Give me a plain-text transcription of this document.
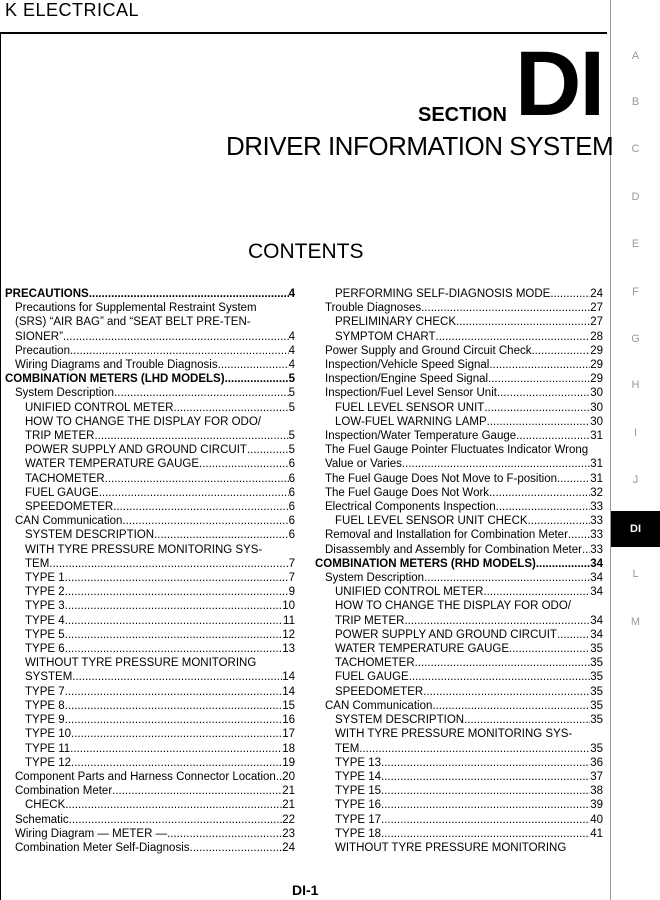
K ELECTRICAL
SECTION DI
DRIVER INFORMATION SYSTEM
CONTENTS
PRECAUTIONS .....	4
Precautions for Supplemental Restraint System
(SRS) “AIR BAG” and “SEAT BELT PRE-TEN-
SIONER” .....	4
Precaution .....	4
Wiring Diagrams and Trouble Diagnosis .....	4
COMBINATION METERS (LHD MODELS) .....	5
System Description .....	5
UNIFIED CONTROL METER .....	5
HOW TO CHANGE THE DISPLAY FOR ODO/
TRIP METER .....	5
POWER SUPPLY AND GROUND CIRCUIT .....	5
WATER TEMPERATURE GAUGE .....	6
TACHOMETER .....	6
FUEL GAUGE .....	6
SPEEDOMETER .....	6
CAN Communication .....	6
SYSTEM DESCRIPTION .....	6
WITH TYRE PRESSURE MONITORING SYS-
TEM .....	7
TYPE 1 .....	7
TYPE 2 .....	9
TYPE 3 .....	10
TYPE 4 .....	11
TYPE 5 .....	12
TYPE 6 .....	13
WITHOUT TYRE PRESSURE MONITORING
SYSTEM .....	14
TYPE 7 .....	14
TYPE 8 .....	15
TYPE 9 .....	16
TYPE 10 .....	17
TYPE 11 .....	18
TYPE 12 .....	19
Component Parts and Harness Connector Location ..... 20
Combination Meter .....	21
CHECK .....	21
Schematic .....	22
Wiring Diagram — METER — .....	23
Combination Meter Self-Diagnosis .....	24
PERFORMING SELF-DIAGNOSIS MODE .....	24
Trouble Diagnoses .....	27
PRELIMINARY CHECK .....	27
SYMPTOM CHART .....	28
Power Supply and Ground Circuit Check .....	29
Inspection/Vehicle Speed Signal .....	29
Inspection/Engine Speed Signal .....	29
Inspection/Fuel Level Sensor Unit .....	30
FUEL LEVEL SENSOR UNIT .....	30
LOW-FUEL WARNING LAMP .....	30
Inspection/Water Temperature Gauge .....	31
The Fuel Gauge Pointer Fluctuates Indicator Wrong
Value or Varies. .....	31
The Fuel Gauge Does Not Move to F-position. .....	31
The Fuel Gauge Does Not Work. .....	32
Electrical Components Inspection .....	33
FUEL LEVEL SENSOR UNIT CHECK .....	33
Removal and Installation for Combination Meter ..... 33
Disassembly and Assembly for Combination Meter ..... 33
COMBINATION METERS (RHD MODELS) .....	34
System Description .....	34
UNIFIED CONTROL METER .....	34
HOW TO CHANGE THE DISPLAY FOR ODO/
TRIP METER .....	34
POWER SUPPLY AND GROUND CIRCUIT .....	34
WATER TEMPERATURE GAUGE .....	35
TACHOMETER .....	35
FUEL GAUGE .....	35
SPEEDOMETER .....	35
CAN Communication .....	35
SYSTEM DESCRIPTION .....	35
WITH TYRE PRESSURE MONITORING SYS-
TEM .....	35
TYPE 13 .....	36
TYPE 14 .....	37
TYPE 15 .....	38
TYPE 16 .....	39
TYPE 17 .....	40
TYPE 18 .....	41
WITHOUT TYRE PRESSURE MONITORING
A
B
C
D
E
F
G
H
I
J
DI
L
M
DI-1
